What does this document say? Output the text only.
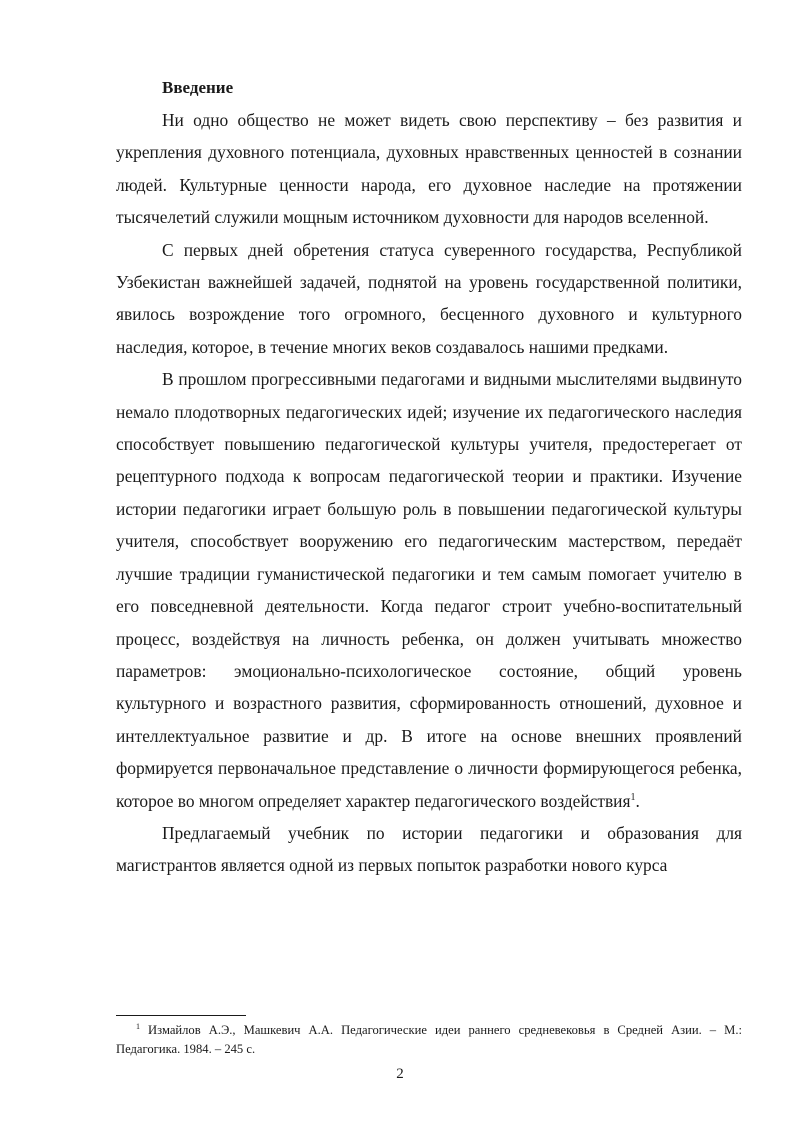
Введение

Ни одно общество не может видеть свою перспективу – без развития и укрепления духовного потенциала, духовных нравственных ценностей в сознании людей. Культурные ценности народа, его духовное наследие на протяжении тысячелетий служили мощным источником духовности для народов вселенной.

С первых дней обретения статуса суверенного государства, Республикой Узбекистан важнейшей задачей, поднятой на уровень государственной политики, явилось возрождение того огромного, бесценного духовного и культурного наследия, которое, в течение многих веков создавалось нашими предками.

В прошлом прогрессивными педагогами и видными мыслителями выдвинуто немало плодотворных педагогических идей; изучение их педагогического наследия способствует повышению педагогической культуры учителя, предостерегает от рецептурного подхода к вопросам педагогической теории и практики. Изучение истории педагогики играет большую роль в повышении педагогической культуры учителя, способствует вооружению его педагогическим мастерством, передаёт лучшие традиции гуманистической педагогики и тем самым помогает учителю в его повседневной деятельности. Когда педагог строит учебно-воспитательный процесс, воздействуя на личность ребенка, он должен учитывать множество параметров: эмоционально-психологическое состояние, общий уровень культурного и возрастного развития, сформированность отношений, духовное и интеллектуальное развитие и др. В итоге на основе внешних проявлений формируется первоначальное представление о личности формирующегося ребенка, которое во многом определяет характер педагогического воздействия$^1$.

Предлагаемый учебник по истории педагогики и образования для магистрантов является одной из первых попыток разработки нового курса

$^1$ Измайлов А.Э., Машкевич А.А. Педагогические идеи раннего средневековья в Средней Азии. – М.: Педагогика. 1984. – 245 с.

2
